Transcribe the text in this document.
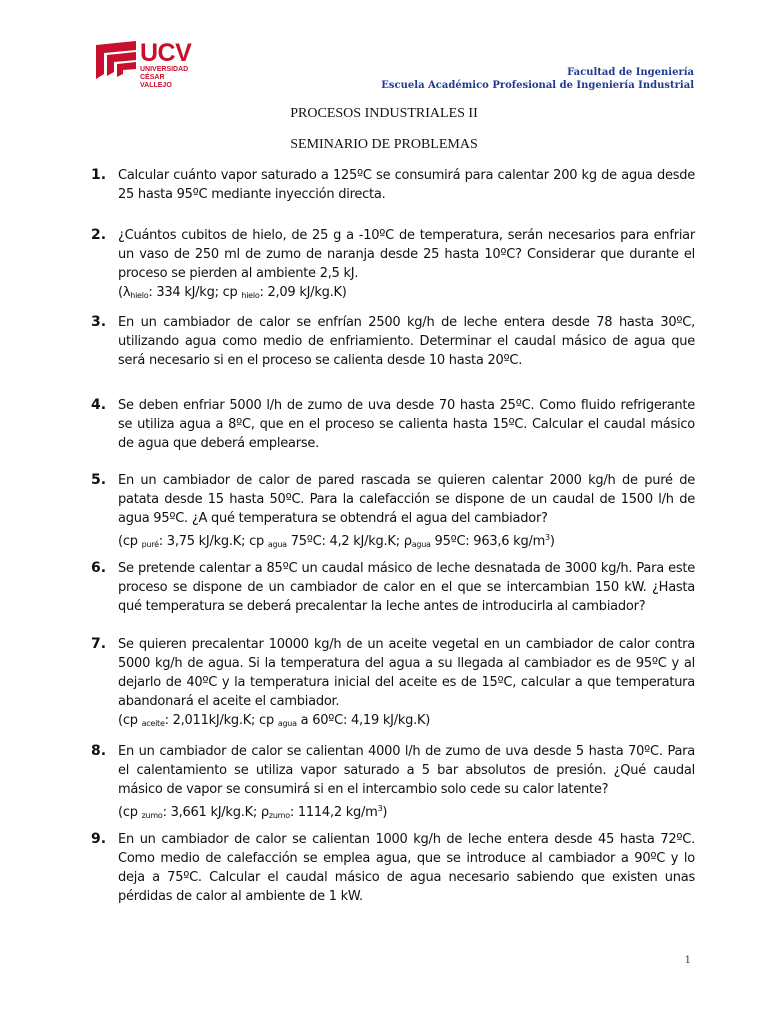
UCV
UNIVERSIDAD
CÉSAR VALLEJO
Facultad de Ingeniería
Escuela Académico Profesional de Ingeniería Industrial
PROCESOS INDUSTRIALES II
SEMINARIO DE PROBLEMAS
1. Calcular cuánto vapor saturado a 125ºC se consumirá para calentar 200 kg de agua desde 25 hasta 95ºC mediante inyección directa.
2. ¿Cuántos cubitos de hielo, de 25 g a -10ºC de temperatura, serán necesarios para enfriar un vaso de 250 ml de zumo de naranja desde 25 hasta 10ºC? Considerar que durante el proceso se pierden al ambiente 2,5 kJ.
($\lambda_{hielo}$: 334 kJ/kg; cp $_{hielo}$: 2,09 kJ/kg.K)
3. En un cambiador de calor se enfrían 2500 kg/h de leche entera desde 78 hasta 30ºC, utilizando agua como medio de enfriamiento. Determinar el caudal másico de agua que será necesario si en el proceso se calienta desde 10 hasta 20ºC.
4. Se deben enfriar 5000 l/h de zumo de uva desde 70 hasta 25ºC. Como fluido refrigerante se utiliza agua a 8ºC, que en el proceso se calienta hasta 15ºC. Calcular el caudal másico de agua que deberá emplearse.
5. En un cambiador de calor de pared rascada se quieren calentar 2000 kg/h de puré de patata desde 15 hasta 50ºC. Para la calefacción se dispone de un caudal de 1500 l/h de agua 95ºC. ¿A qué temperatura se obtendrá el agua del cambiador?
(cp $_{puré}$: 3,75 kJ/kg.K; cp $_{agua}$ 75ºC: 4,2 kJ/kg.K; $\rho_{agua}$ 95ºC: 963,6 $kg/m^3$)
6. Se pretende calentar a 85ºC un caudal másico de leche desnatada de 3000 kg/h. Para este proceso se dispone de un cambiador de calor en el que se intercambian 150 kW. ¿Hasta qué temperatura se deberá precalentar la leche antes de introducirla al cambiador?
7. Se quieren precalentar 10000 kg/h de un aceite vegetal en un cambiador de calor contra 5000 kg/h de agua. Si la temperatura del agua a su llegada al cambiador es de 95ºC y al dejarlo de 40ºC y la temperatura inicial del aceite es de 15ºC, calcular a que temperatura abandonará el aceite el cambiador.
(cp $_{aceite}$: 2,011kJ/kg.K; cp $_{agua}$ a 60ºC: 4,19 kJ/kg.K)
8. En un cambiador de calor se calientan 4000 l/h de zumo de uva desde 5 hasta 70ºC. Para el calentamiento se utiliza vapor saturado a 5 bar absolutos de presión. ¿Qué caudal másico de vapor se consumirá si en el intercambio solo cede su calor latente?
(cp $_{zumo}$: 3,661 kJ/kg.K; $\rho_{zumo}$: 1114,2 $kg/m^3$)
9. En un cambiador de calor se calientan 1000 kg/h de leche entera desde 45 hasta 72ºC. Como medio de calefacción se emplea agua, que se introduce al cambiador a 90ºC y lo deja a 75ºC. Calcular el caudal másico de agua necesario sabiendo que existen unas pérdidas de calor al ambiente de 1 kW.
1
